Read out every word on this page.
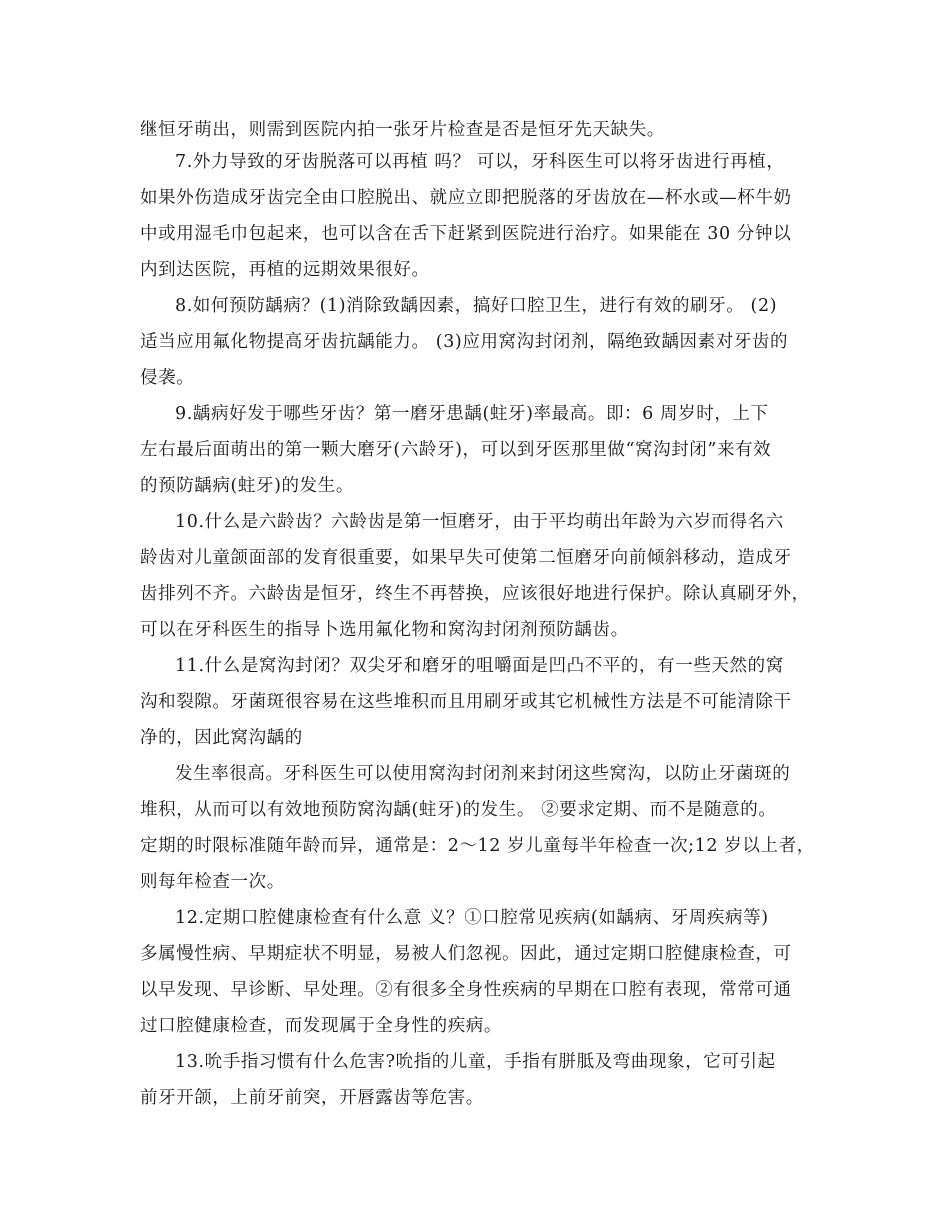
继恒牙萌出，则需到医院内拍一张牙片检查是否是恒牙先天缺失。
7.外力导致的牙齿脱落可以再植 吗？ 可以，牙科医生可以将牙齿进行再植，
如果外伤造成牙齿完全由口腔脱出、就应立即把脱落的牙齿放在—杯水或—杯牛奶
中或用湿毛巾包起来，也可以含在舌下赶紧到医院进行治疗。如果能在 30 分钟以
内到达医院，再植的远期效果很好。
8.如何预防龋病？(1)消除致龋因素，搞好口腔卫生，进行有效的刷牙。 (2)
适当应用氟化物提高牙齿抗龋能力。 (3)应用窝沟封闭剂，隔绝致龋因素对牙齿的
侵袭。
9.龋病好发于哪些牙齿？第一磨牙患龋(蛀牙)率最高。即：6 周岁时，上下
左右最后面萌出的第一颗大磨牙(六龄牙)，可以到牙医那里做“窝沟封闭”来有效
的预防龋病(蛀牙)的发生。
10.什么是六龄齿？六龄齿是第一恒磨牙，由于平均萌出年龄为六岁而得名六
龄齿对儿童颌面部的发育很重要，如果早失可使第二恒磨牙向前倾斜移动，造成牙
齿排列不齐。六龄齿是恒牙，终生不再替换，应该很好地进行保护。除认真刷牙外，
可以在牙科医生的指导卜选用氟化物和窝沟封闭剂预防龋齿。
11.什么是窝沟封闭？双尖牙和磨牙的咀嚼面是凹凸不平的，有一些天然的窝
沟和裂隙。牙菌斑很容易在这些堆积而且用刷牙或其它机械性方法是不可能清除干
净的，因此窝沟龋的
发生率很高。牙科医生可以使用窝沟封闭剂来封闭这些窝沟，以防止牙菌斑的
堆积，从而可以有效地预防窝沟龋(蛀牙)的发生。 ②要求定期、而不是随意的。
定期的时限标准随年龄而异，通常是：2～12 岁儿童每半年检查一次;12 岁以上者，
则每年检查一次。
12.定期口腔健康检查有什么意 义？①口腔常见疾病(如龋病、牙周疾病等)
多属慢性病、早期症状不明显，易被人们忽视。因此，通过定期口腔健康检查，可
以早发现、早诊断、早处理。②有很多全身性疾病的早期在口腔有表现，常常可通
过口腔健康检查，而发现属于全身性的疾病。
13.吮手指习惯有什么危害?吮指的儿童，手指有胼胝及弯曲现象，它可引起
前牙开颌，上前牙前突，开唇露齿等危害。
